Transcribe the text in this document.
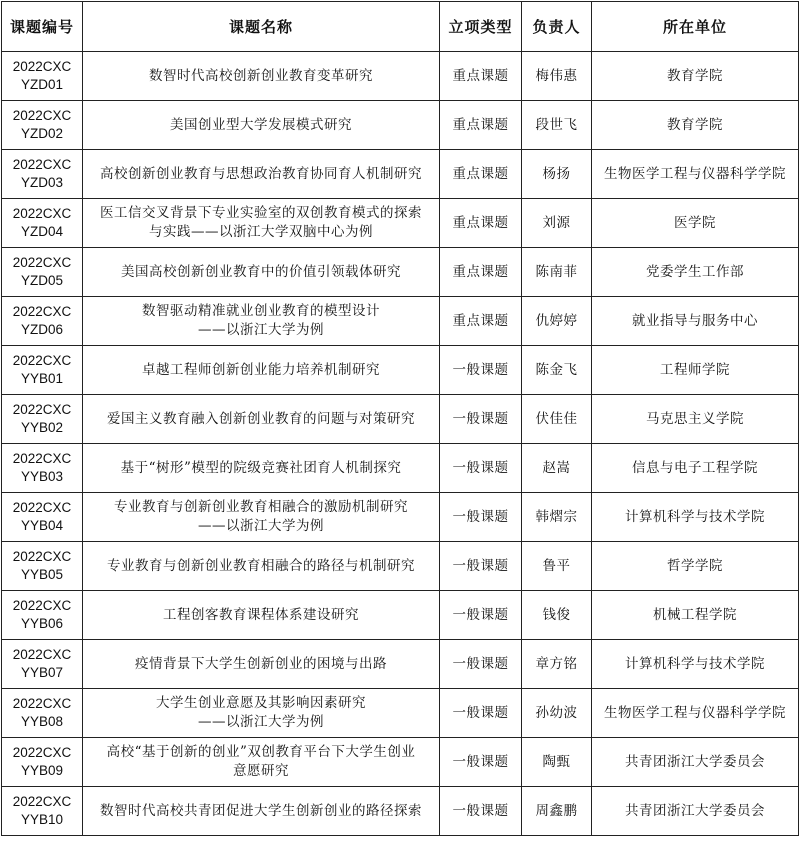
课题编号	课题名称	立项类型	负责人	所在单位
2022CXCYZD01	数智时代高校创新创业教育变革研究	重点课题	梅伟惠	教育学院
2022CXCYZD02	美国创业型大学发展模式研究	重点课题	段世飞	教育学院
2022CXCYZD03	高校创新创业教育与思想政治教育协同育人机制研究	重点课题	杨扬	生物医学工程与仪器科学学院
2022CXCYZD04	医工信交叉背景下专业实验室的双创教育模式的探索
与实践——以浙江大学双脑中心为例	重点课题	刘源	医学院
2022CXCYZD05	美国高校创新创业教育中的价值引领载体研究	重点课题	陈南菲	党委学生工作部
2022CXCYZD06	数智驱动精准就业创业教育的模型设计
——以浙江大学为例	重点课题	仇婷婷	就业指导与服务中心
2022CXCYYB01	卓越工程师创新创业能力培养机制研究	一般课题	陈金飞	工程师学院
2022CXCYYB02	爱国主义教育融入创新创业教育的问题与对策研究	一般课题	伏佳佳	马克思主义学院
2022CXCYYB03	基于“树形”模型的院级竞赛社团育人机制探究	一般课题	赵嵩	信息与电子工程学院
2022CXCYYB04	专业教育与创新创业教育相融合的激励机制研究
——以浙江大学为例	一般课题	韩熠宗	计算机科学与技术学院
2022CXCYYB05	专业教育与创新创业教育相融合的路径与机制研究	一般课题	鲁平	哲学学院
2022CXCYYB06	工程创客教育课程体系建设研究	一般课题	钱俊	机械工程学院
2022CXCYYB07	疫情背景下大学生创新创业的困境与出路	一般课题	章方铭	计算机科学与技术学院
2022CXCYYB08	大学生创业意愿及其影响因素研究
——以浙江大学为例	一般课题	孙幼波	生物医学工程与仪器科学学院
2022CXCYYB09	高校“基于创新的创业”双创教育平台下大学生创业
意愿研究	一般课题	陶甄	共青团浙江大学委员会
2022CXCYYB10	数智时代高校共青团促进大学生创新创业的路径探索	一般课题	周鑫鹏	共青团浙江大学委员会
